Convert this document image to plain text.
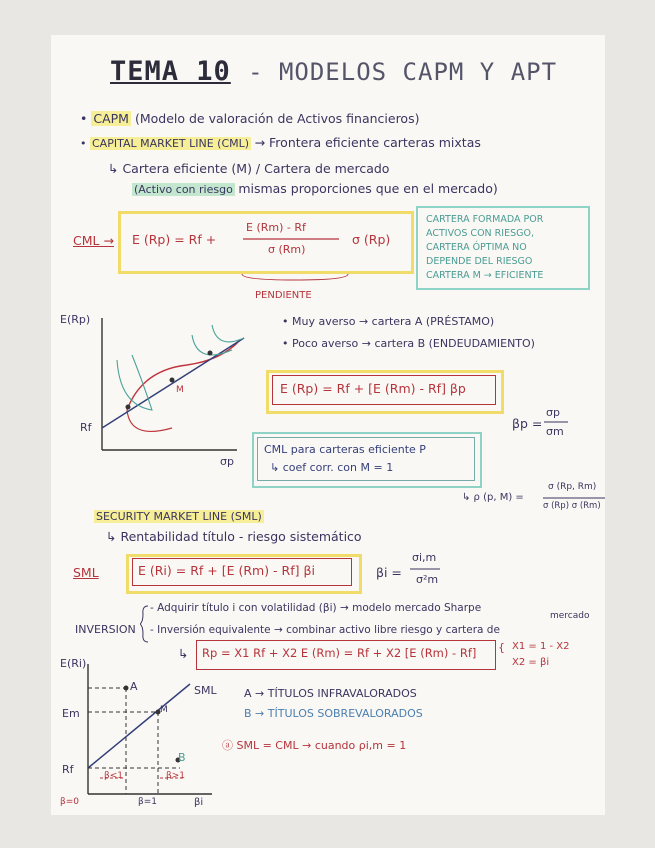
TEMA 10 - MODELOS CAPM Y APT
• CAPM (Modelo de valoración de Activos financieros)
• CAPITAL MARKET LINE (CML) → Frontera eficiente carteras mixtas
↳ Cartera eficiente (M) / Cartera de mercado
(Activo con riesgo mismas proporciones que en el mercado)
CML → E (Rp) = Rf +
E (Rm) - Rf
σ (Rm)
σ (Rp)
PENDIENTE
CARTERA FORMADA POR
ACTIVOS CON RIESGO,
CARTERA ÓPTIMA NO
DEPENDE DEL RIESGO
CARTERA M → EFICIENTE
E(Rp)
σp
Rf
M
• Muy averso → cartera A (PRÉSTAMO)
• Poco averso → cartera B (ENDEUDAMIENTO)
E (Rp) = Rf + [E (Rm) - Rf] βp
βp =
σp
σm
CML para carteras eficiente P
↳ coef corr. con M = 1
↳ ρ (p, M) =
σ (Rp, Rm)
σ (Rp) σ (Rm)
SECURITY MARKET LINE (SML)
↳ Rentabilidad título - riesgo sistemático
SML	E (Ri) = Rf + [E (Rm) - Rf] βi	βi =
σi,m
σ²m
INVERSION
- Adquirir título i con volatilidad (βi) → modelo mercado Sharpe
- Inversión equivalente → combinar activo libre riesgo y cartera de
mercado
↳ Rp = X1 Rf + X2 E (Rm) = Rf + X2 [E (Rm) - Rf] { X1 = 1 - X2
X2 = βi
E(Ri)
SML
Em
Rf
A
B
M
β<1	β>1
β=0	β=1	βi
A → TÍTULOS INFRAVALORADOS
B → TÍTULOS SOBREVALORADOS
ⓐ SML = CML → cuando ρi,m = 1
